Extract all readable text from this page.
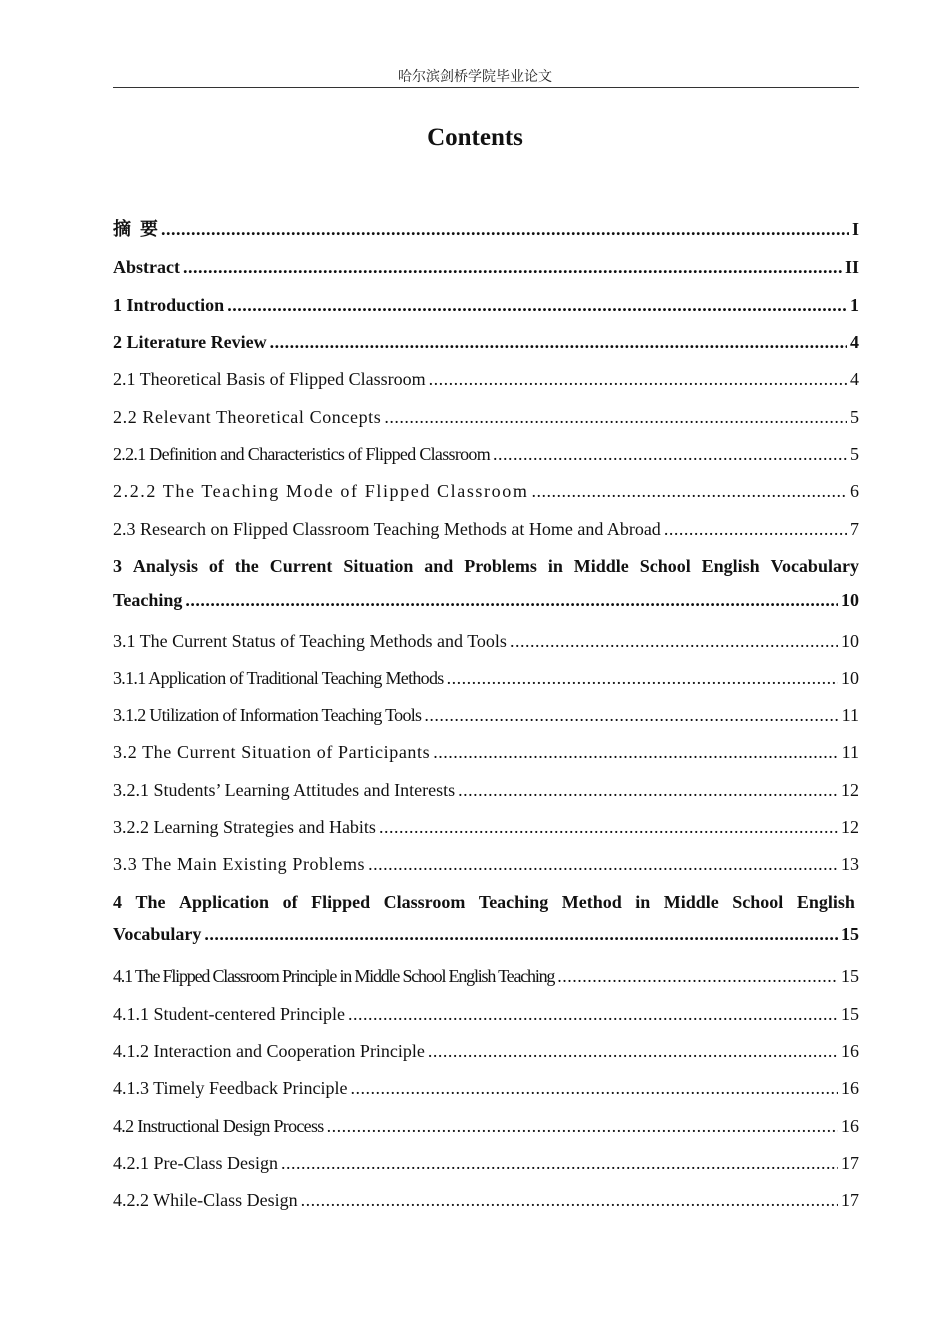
哈尔滨剑桥学院毕业论文
Contents
摘  要 .....	I
Abstract .....	II
1 Introduction .....	1
2 Literature Review .....	4
2.1 Theoretical Basis of Flipped Classroom .....	4
2.2 Relevant Theoretical Concepts .....	5
2.2.1 Definition and Characteristics of Flipped Classroom .....	5
2.2.2 The Teaching Mode of Flipped Classroom .....	6
2.3 Research on Flipped Classroom Teaching Methods at Home and Abroad .....	7
3 Analysis of the Current Situation and Problems in Middle School English Vocabulary
Teaching .....	10
3.1 The Current Status of Teaching Methods and Tools .....	10
3.1.1 Application of Traditional Teaching Methods .....	10
3.1.2 Utilization of Information Teaching Tools .....	11
3.2 The Current Situation of Participants .....	11
3.2.1 Students’ Learning Attitudes and Interests .....	12
3.2.2 Learning Strategies and Habits .....	12
3.3 The Main Existing Problems .....	13
4 The Application of Flipped Classroom Teaching Method in Middle School English
Vocabulary .....	15
4.1 The Flipped Classroom Principle in Middle School English Teaching .....	15
4.1.1 Student-centered Principle .....	15
4.1.2 Interaction and Cooperation Principle .....	16
4.1.3 Timely Feedback Principle .....	16
4.2 Instructional Design Process .....	16
4.2.1 Pre-Class Design .....	17
4.2.2 While-Class Design .....	17
